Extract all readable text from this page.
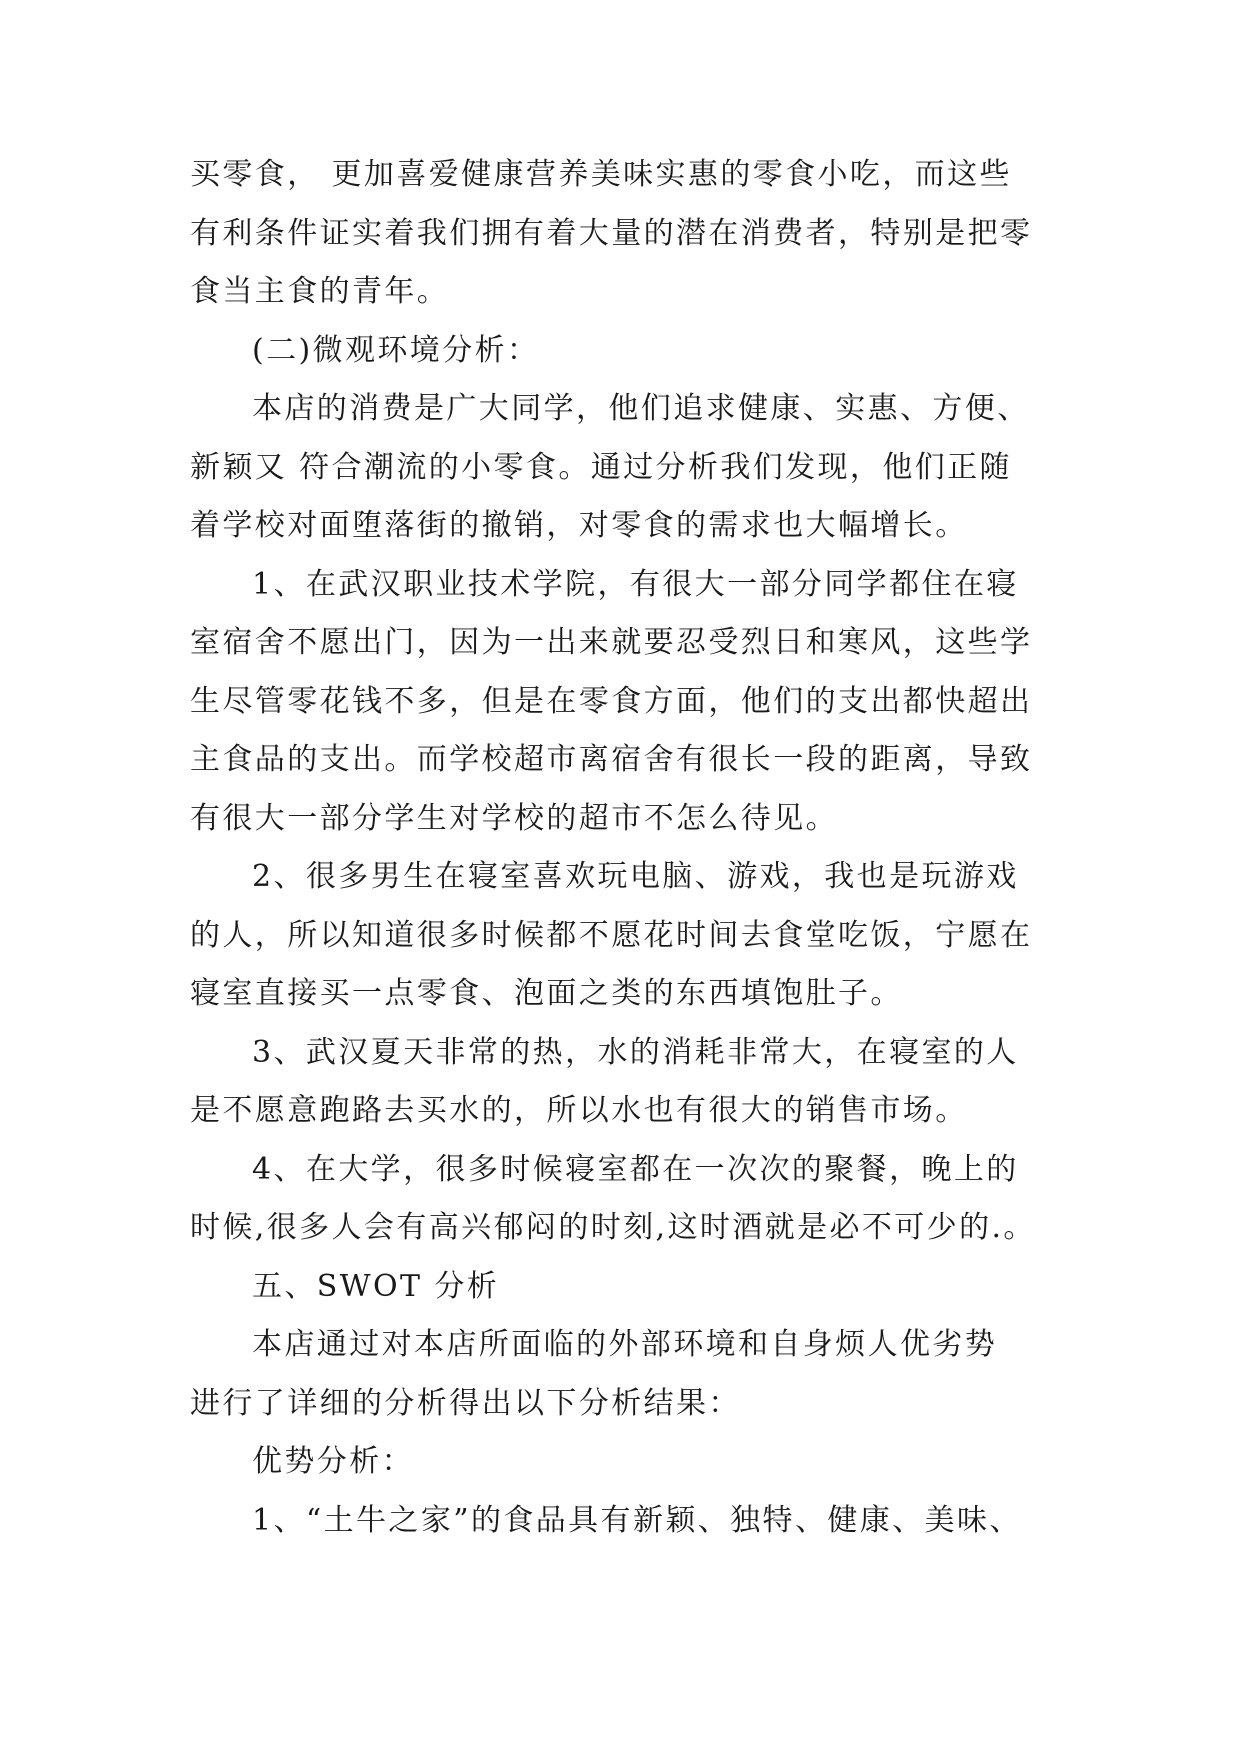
买零食， 更加喜爱健康营养美味实惠的零食小吃，而这些
有利条件证实着我们拥有着大量的潜在消费者，特别是把零
食当主食的青年。
(二)微观环境分析：
本店的消费是广大同学，他们追求健康、实惠、方便、
新颖又 符合潮流的小零食。通过分析我们发现，他们正随
着学校对面堕落街的撤销，对零食的需求也大幅增长。
1、在武汉职业技术学院，有很大一部分同学都住在寝
室宿舍不愿出门，因为一出来就要忍受烈日和寒风，这些学
生尽管零花钱不多，但是在零食方面，他们的支出都快超出
主食品的支出。而学校超市离宿舍有很长一段的距离，导致
有很大一部分学生对学校的超市不怎么待见。
2、很多男生在寝室喜欢玩电脑、游戏，我也是玩游戏
的人，所以知道很多时候都不愿花时间去食堂吃饭，宁愿在
寝室直接买一点零食、泡面之类的东西填饱肚子。
3、武汉夏天非常的热，水的消耗非常大，在寝室的人
是不愿意跑路去买水的，所以水也有很大的销售市场。
4、在大学，很多时候寝室都在一次次的聚餐，晚上的
时候,很多人会有高兴郁闷的时刻,这时酒就是必不可少的.。
五、SWOT 分析
本店通过对本店所面临的外部环境和自身烦人优劣势
进行了详细的分析得出以下分析结果：
优势分析：
1、“土牛之家”的食品具有新颖、独特、健康、美味、
